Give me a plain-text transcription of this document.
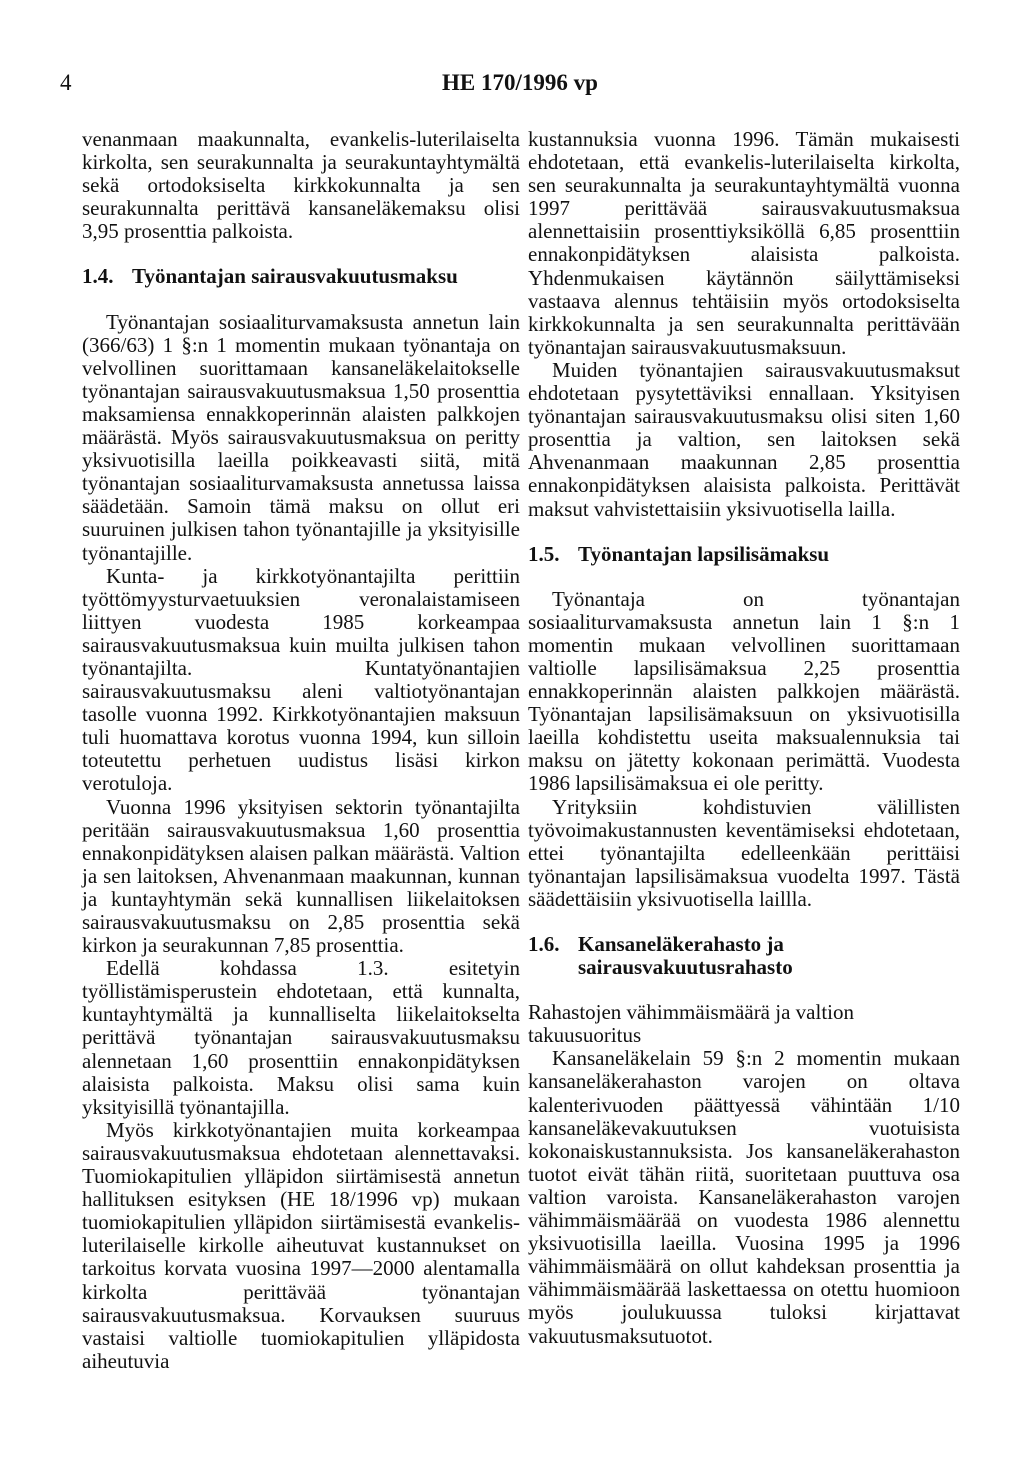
4	HE 170/1996 vp

venanmaan maakunnalta, evankelis-luterilaiselta kirkolta, sen seurakunnalta ja seurakuntayhtymältä sekä ortodoksiselta kirkkokunnalta ja sen seurakunnalta perittävä kansaneläkemaksu olisi 3,95 prosenttia palkoista.

1.4. Työnantajan sairausvakuutusmaksu

Työnantajan sosiaaliturvamaksusta annetun lain (366/63) 1 §:n 1 momentin mukaan työnantaja on velvollinen suorittamaan kansaneläkelaitokselle työnantajan sairausvakuutusmaksua 1,50 prosenttia maksamiensa ennakkoperinnän alaisten palkkojen määrästä. Myös sairausvakuutusmaksua on peritty yksivuotisilla laeilla poikkeavasti siitä, mitä työnantajan sosiaaliturvamaksusta annetussa laissa säädetään. Samoin tämä maksu on ollut eri suuruinen julkisen tahon työnantajille ja yksityisille työnantajille.

Kunta- ja kirkkotyönantajilta perittiin työttömyysturvaetuuksien veronalaistamiseen liittyen vuodesta 1985 korkeampaa sairausvakuutusmaksua kuin muilta julkisen tahon työnantajilta. Kuntatyönantajien sairausvakuutusmaksu aleni valtiotyönantajan tasolle vuonna 1992. Kirkkotyönantajien maksuun tuli huomattava korotus vuonna 1994, kun silloin toteutettu perhetuen uudistus lisäsi kirkon verotuloja.

Vuonna 1996 yksityisen sektorin työnantajilta peritään sairausvakuutusmaksua 1,60 prosenttia ennakonpidätyksen alaisen palkan määrästä. Valtion ja sen laitoksen, Ahvenanmaan maakunnan, kunnan ja kuntayhtymän sekä kunnallisen liikelaitoksen sairausvakuutusmaksu on 2,85 prosenttia sekä kirkon ja seurakunnan 7,85 prosenttia.

Edellä kohdassa 1.3. esitetyin työllistämisperustein ehdotetaan, että kunnalta, kuntayhtymältä ja kunnalliselta liikelaitokselta perittävä työnantajan sairausvakuutusmaksu alennetaan 1,60 prosenttiin ennakonpidätyksen alaisista palkoista. Maksu olisi sama kuin yksityisillä työnantajilla.

Myös kirkkotyönantajien muita korkeampaa sairausvakuutusmaksua ehdotetaan alennettavaksi. Tuomiokapitulien ylläpidon siirtämisestä annetun hallituksen esityksen (HE 18/1996 vp) mukaan tuomiokapitulien ylläpidon siirtämisestä evankelis-luterilaiselle kirkolle aiheutuvat kustannukset on tarkoitus korvata vuosina 1997—2000 alentamalla kirkolta perittävää työnantajan sairausvakuutusmaksua. Korvauksen suuruus vastaisi valtiolle tuomiokapitulien ylläpidosta aiheutuvia

kustannuksia vuonna 1996. Tämän mukaisesti ehdotetaan, että evankelis-luterilaiselta kirkolta, sen seurakunnalta ja seurakuntayhtymältä vuonna 1997 perittävää sairausvakuutusmaksua alennettaisiin prosenttiyksiköllä 6,85 prosenttiin ennakonpidätyksen alaisista palkoista. Yhdenmukaisen käytännön säilyttämiseksi vastaava alennus tehtäisiin myös ortodoksiselta kirkkokunnalta ja sen seurakunnalta perittävään työnantajan sairausvakuutusmaksuun.

Muiden työnantajien sairausvakuutusmaksut ehdotetaan pysytettäviksi ennallaan. Yksityisen työnantajan sairausvakuutusmaksu olisi siten 1,60 prosenttia ja valtion, sen laitoksen sekä Ahvenanmaan maakunnan 2,85 prosenttia ennakonpidätyksen alaisista palkoista. Perittävät maksut vahvistettaisiin yksivuotisella lailla.

1.5. Työnantajan lapsilisämaksu

Työnantaja on työnantajan sosiaaliturvamaksusta annetun lain 1 §:n 1 momentin mukaan velvollinen suorittamaan valtiolle lapsilisämaksua 2,25 prosenttia ennakkoperinnän alaisten palkkojen määrästä. Työnantajan lapsilisämaksuun on yksivuotisilla laeilla kohdistettu useita maksualennuksia tai maksu on jätetty kokonaan perimättä. Vuodesta 1986 lapsilisämaksua ei ole peritty.

Yrityksiin kohdistuvien välillisten työvoimakustannusten keventämiseksi ehdotetaan, ettei työnantajilta edelleenkään perittäisi työnantajan lapsilisämaksua vuodelta 1997. Tästä säädettäisiin yksivuotisella laillla.

1.6. Kansaneläkerahasto ja sairausvakuutusrahasto

Rahastojen vähimmäismäärä ja valtion takuusuoritus

Kansaneläkelain 59 §:n 2 momentin mukaan kansaneläkerahaston varojen on oltava kalenterivuoden päättyessä vähintään 1/10 kansaneläkevakuutuksen vuotuisista kokonaiskustannuksista. Jos kansaneläkerahaston tuotot eivät tähän riitä, suoritetaan puuttuva osa valtion varoista. Kansaneläkerahaston varojen vähimmäismäärää on vuodesta 1986 alennettu yksivuotisilla laeilla. Vuosina 1995 ja 1996 vähimmäismäärä on ollut kahdeksan prosenttia ja vähimmäismäärää laskettaessa on otettu huomioon myös joulukuussa tuloksi kirjattavat vakuutusmaksutuotot.
